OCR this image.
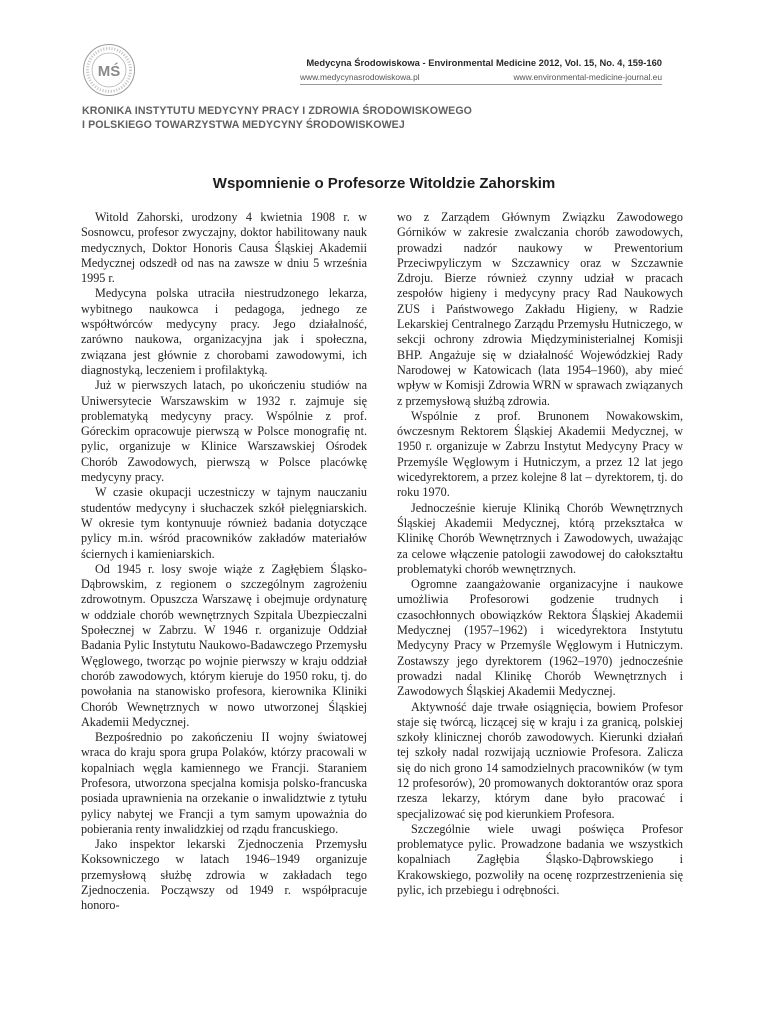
MŚ
Medycyna Środowiskowa - Environmental Medicine 2012, Vol. 15, No. 4, 159-160
www.medycynasrodowiskowa.pl	www.environmental-medicine-journal.eu
KRONIKA INSTYTUTU MEDYCYNY PRACY I ZDROWIA ŚRODOWISKOWEGO
I POLSKIEGO TOWARZYSTWA MEDYCYNY ŚRODOWISKOWEJ
Wspomnienie o Profesorze Witoldzie Zahorskim

Witold Zahorski, urodzony 4 kwietnia 1908 r. w Sosnowcu, profesor zwyczajny, doktor habilitowany nauk medycznych, Doktor Honoris Causa Śląskiej Akademii Medycznej odszedł od nas na zawsze w dniu 5 września 1995 r.

Medycyna polska utraciła niestrudzonego lekarza, wybitnego naukowca i pedagoga, jednego ze współtwórców medycyny pracy. Jego działalność, zarówno naukowa, organizacyjna jak i społeczna, związana jest głównie z chorobami zawodowymi, ich diagnostyką, leczeniem i profilaktyką.

Już w pierwszych latach, po ukończeniu studiów na Uniwersytecie Warszawskim w 1932 r. zajmuje się problematyką medycyny pracy. Wspólnie z prof. Góreckim opracowuje pierwszą w Polsce monografię nt. pylic, organizuje w Klinice Warszawskiej Ośrodek Chorób Zawodowych, pierwszą w Polsce placówkę medycyny pracy.

W czasie okupacji uczestniczy w tajnym nauczaniu studentów medycyny i słuchaczek szkół pielęgniarskich. W okresie tym kontynuuje również badania dotyczące pylicy m.in. wśród pracowników zakładów materiałów ściernych i kamieniarskich.

Od 1945 r. losy swoje wiąże z Zagłębiem Śląsko-Dąbrowskim, z regionem o szczególnym zagrożeniu zdrowotnym. Opuszcza Warszawę i obejmuje ordynaturę w oddziale chorób wewnętrznych Szpitala Ubezpieczalni Społecznej w Zabrzu. W 1946 r. organizuje Oddział Badania Pylic Instytutu Naukowo-Badawczego Przemysłu Węglowego, tworząc po wojnie pierwszy w kraju oddział chorób zawodowych, którym kieruje do 1950 roku, tj. do powołania na stanowisko profesora, kierownika Kliniki Chorób Wewnętrznych w nowo utworzonej Śląskiej Akademii Medycznej.

Bezpośrednio po zakończeniu II wojny światowej wraca do kraju spora grupa Polaków, którzy pracowali w kopalniach węgla kamiennego we Francji. Staraniem Profesora, utworzona specjalna komisja polsko-francuska posiada uprawnienia na orzekanie o inwalidztwie z tytułu pylicy nabytej we Francji a tym samym upoważnia do pobierania renty inwalidzkiej od rządu francuskiego.

Jako inspektor lekarski Zjednoczenia Przemysłu Koksowniczego w latach 1946–1949 organizuje przemysłową służbę zdrowia w zakładach tego Zjednoczenia. Począwszy od 1949 r. współpracuje honoro-

wo z Zarządem Głównym Związku Zawodowego Górników w zakresie zwalczania chorób zawodowych, prowadzi nadzór naukowy w Prewentorium Przeciwpyliczym w Szczawnicy oraz w Szczawnie Zdroju. Bierze również czynny udział w pracach zespołów higieny i medycyny pracy Rad Naukowych ZUS i Państwowego Zakładu Higieny, w Radzie Lekarskiej Centralnego Zarządu Przemysłu Hutniczego, w sekcji ochrony zdrowia Międzyministerialnej Komisji BHP. Angażuje się w działalność Wojewódzkiej Rady Narodowej w Katowicach (lata 1954–1960), aby mieć wpływ w Komisji Zdrowia WRN w sprawach związanych z przemysłową służbą zdrowia.

Wspólnie z prof. Brunonem Nowakowskim, ówczesnym Rektorem Śląskiej Akademii Medycznej, w 1950 r. organizuje w Zabrzu Instytut Medycyny Pracy w Przemyśle Węglowym i Hutniczym, a przez 12 lat jego wicedyrektorem, a przez kolejne 8 lat – dyrektorem, tj. do roku 1970.

Jednocześnie kieruje Kliniką Chorób Wewnętrznych Śląskiej Akademii Medycznej, którą przekształca w Klinikę Chorób Wewnętrznych i Zawodowych, uważając za celowe włączenie patologii zawodowej do całokształtu problematyki chorób wewnętrznych.

Ogromne zaangażowanie organizacyjne i naukowe umożliwia Profesorowi godzenie trudnych i czasochłonnych obowiązków Rektora Śląskiej Akademii Medycznej (1957–1962) i wicedyrektora Instytutu Medycyny Pracy w Przemyśle Węglowym i Hutniczym. Zostawszy jego dyrektorem (1962–1970) jednocześnie prowadzi nadal Klinikę Chorób Wewnętrznych i Zawodowych Śląskiej Akademii Medycznej.

Aktywność daje trwałe osiągnięcia, bowiem Profesor staje się twórcą, liczącej się w kraju i za granicą, polskiej szkoły klinicznej chorób zawodowych. Kierunki działań tej szkoły nadal rozwijają uczniowie Profesora. Zalicza się do nich grono 14 samodzielnych pracowników (w tym 12 profesorów), 20 promowanych doktorantów oraz spora rzesza lekarzy, którym dane było pracować i specjalizować się pod kierunkiem Profesora.

Szczególnie wiele uwagi poświęca Profesor problematyce pylic. Prowadzone badania we wszystkich kopalniach Zagłębia Śląsko-Dąbrowskiego i Krakowskiego, pozwoliły na ocenę rozprzestrzenienia się pylic, ich przebiegu i odrębności.
